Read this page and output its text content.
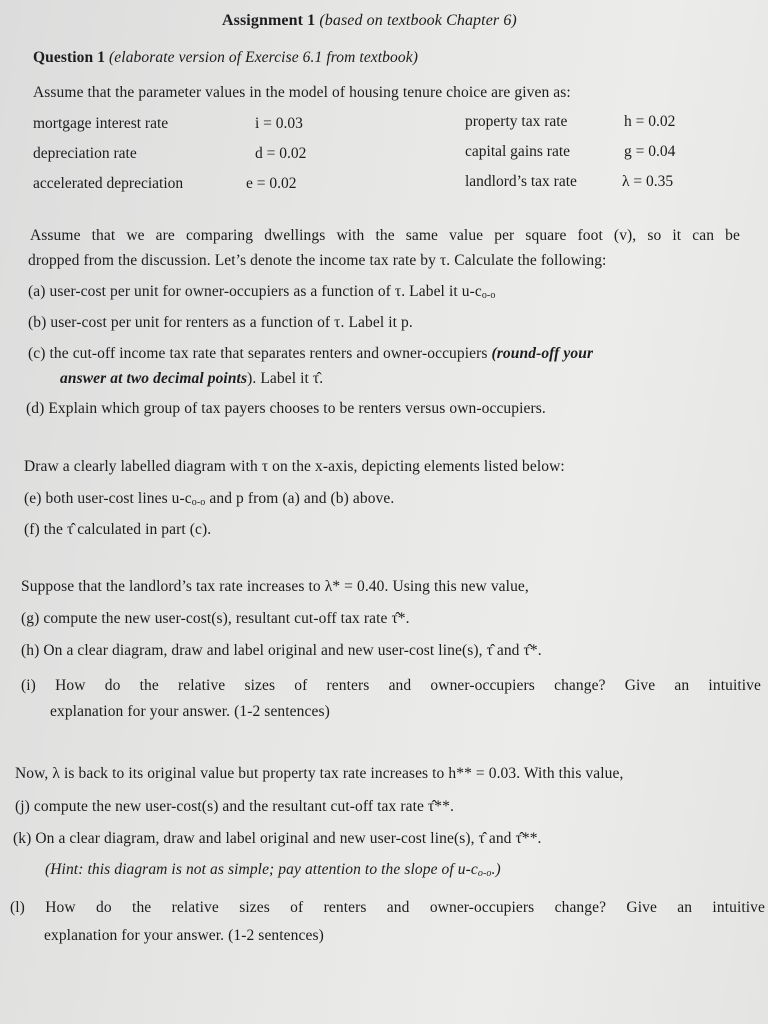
Assignment 1 (based on textbook Chapter 6)
Question 1 (elaborate version of Exercise 6.1 from textbook)
Assume that the parameter values in the model of housing tenure choice are given as:
mortgage interest rate	i = 0.03	property tax rate	h = 0.02
depreciation rate	d = 0.02	capital gains rate	g = 0.04
accelerated depreciation	e = 0.02	landlord’s tax rate	λ = 0.35
Assume that we are comparing dwellings with the same value per square foot (v), so it can be
dropped from the discussion. Let’s denote the income tax rate by τ. Calculate the following:
(a) user-cost per unit for owner-occupiers as a function of τ. Label it $u-c_{o-o}$
(b) user-cost per unit for renters as a function of τ. Label it p.
(c) the cut-off income tax rate that separates renters and owner-occupiers (round-off your
answer at two decimal points). Label it τ̂.
(d) Explain which group of tax payers chooses to be renters versus own-occupiers.
Draw a clearly labelled diagram with τ on the x-axis, depicting elements listed below:
(e) both user-cost lines $u-c_{o-o}$ and p from (a) and (b) above.
(f) the τ̂ calculated in part (c).
Suppose that the landlord’s tax rate increases to λ* = 0.40. Using this new value,
(g) compute the new user-cost(s), resultant cut-off tax rate τ̂*.
(h) On a clear diagram, draw and label original and new user-cost line(s), τ̂ and τ̂*.
(i) How do the relative sizes of renters and owner-occupiers change? Give an intuitive
explanation for your answer. (1-2 sentences)
Now, λ is back to its original value but property tax rate increases to h** = 0.03. With this value,
(j) compute the new user-cost(s) and the resultant cut-off tax rate τ̂**.
(k) On a clear diagram, draw and label original and new user-cost line(s), τ̂ and τ̂**.
(Hint: this diagram is not as simple; pay attention to the slope of $u-c_{o-o}$.)
(l) How do the relative sizes of renters and owner-occupiers change? Give an intuitive
explanation for your answer. (1-2 sentences)
